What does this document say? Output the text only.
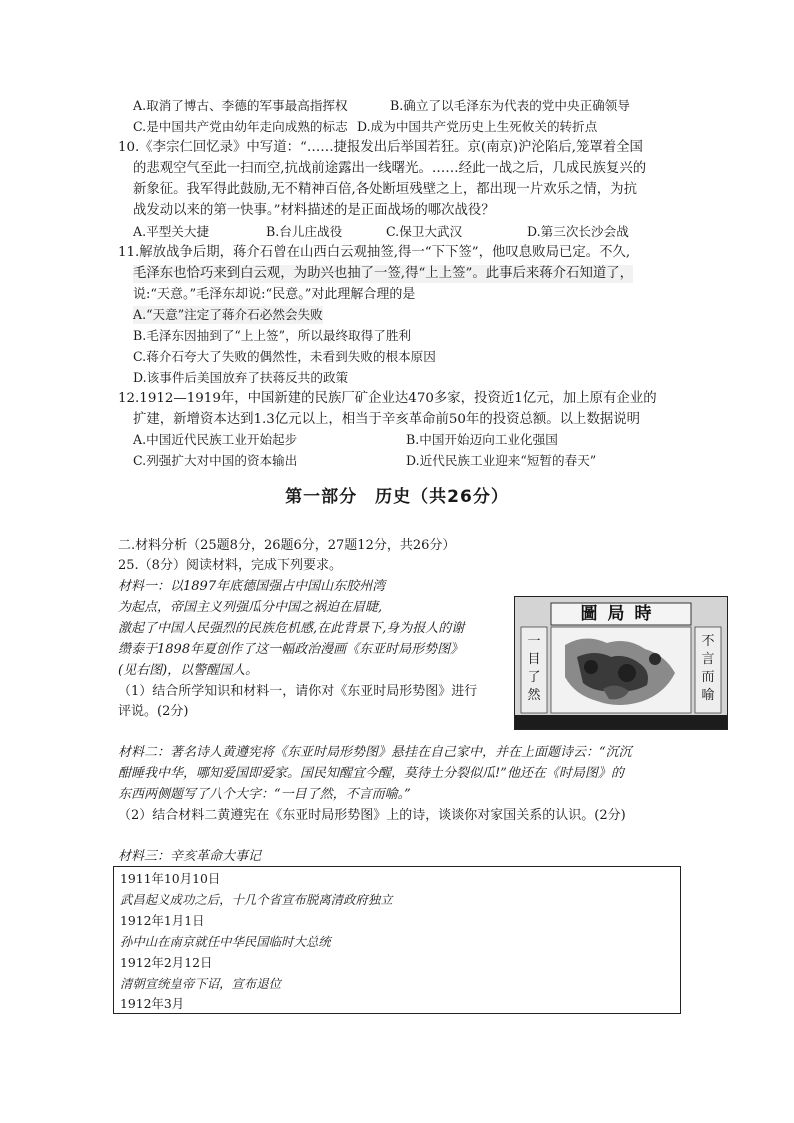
A.取消了博古、李德的军事最高指挥权	B.确立了以毛泽东为代表的党中央正确领导
C.是中国共产党由幼年走向成熟的标志 D.成为中国共产党历史上生死攸关的转折点
10.《李宗仁回忆录》中写道：“……捷报发出后举国若狂。京(南京)沪沦陷后,笼罩着全国
的悲观空气至此一扫而空,抗战前途露出一线曙光。……经此一战之后，几成民族复兴的
新象征。我军得此鼓励,无不精神百倍,各处断垣残壁之上，都出现一片欢乐之情，为抗
战发动以来的第一快事。”材料描述的是正面战场的哪次战役？
A.平型关大捷	B.台儿庄战役	C.保卫大武汉	D.第三次长沙会战
11.解放战争后期，蒋介石曾在山西白云观抽签,得一“下下签”，他叹息败局已定。不久,
毛泽东也恰巧来到白云观，为助兴也抽了一签,得“上上签”。此事后来蒋介石知道了，
说:“天意。”毛泽东却说:“民意。”对此理解合理的是
A.“天意”注定了蒋介石必然会失败
B.毛泽东因抽到了“上上签”，所以最终取得了胜利
C.蒋介石夸大了失败的偶然性，未看到失败的根本原因
D.该事件后美国放弃了扶蒋反共的政策
12.1912—1919年，中国新建的民族厂矿企业达470多家，投资近1亿元，加上原有企业的
扩建，新增资本达到1.3亿元以上，相当于辛亥革命前50年的投资总额。以上数据说明
A.中国近代民族工业开始起步	B.中国开始迈向工业化强国
C.列强扩大对中国的资本输出	D.近代民族工业迎来“短暂的春天”
第一部分　历史（共26分）
二.材料分析（25题8分，26题6分，27题12分，共26分）
25.（8分）阅读材料，完成下列要求。
材料一：以1897年底德国强占中国山东胶州湾
为起点，帝国主义列强瓜分中国之祸迫在眉睫,
激起了中国人民强烈的民族危机感,在此背景下,身为报人的谢
缵泰于1898年夏创作了这一幅政治漫画《东亚时局形势图》
(见右图)，以警醒国人。
（1）结合所学知识和材料一，请你对《东亚时局形势图》进行
评说。(2分)
圖局時
一目了然
不言而喻
材料二：著名诗人黄遵宪将《东亚时局形势图》悬挂在自己家中，并在上面题诗云：“沉沉
酣睡我中华，哪知爱国即爱家。国民知醒宜今醒，莫待土分裂似瓜!”他还在《时局图》的
东西两侧题写了八个大字：“一目了然，不言而喻。”
（2）结合材料二黄遵宪在《东亚时局形势图》上的诗，谈谈你对家国关系的认识。(2分)
材料三：辛亥革命大事记
1911年10月10日
武昌起义成功之后，十几个省宣布脱离清政府独立
1912年1月1日
孙中山在南京就任中华民国临时大总统
1912年2月12日
清朝宣统皇帝下诏，宣布退位
1912年3月
